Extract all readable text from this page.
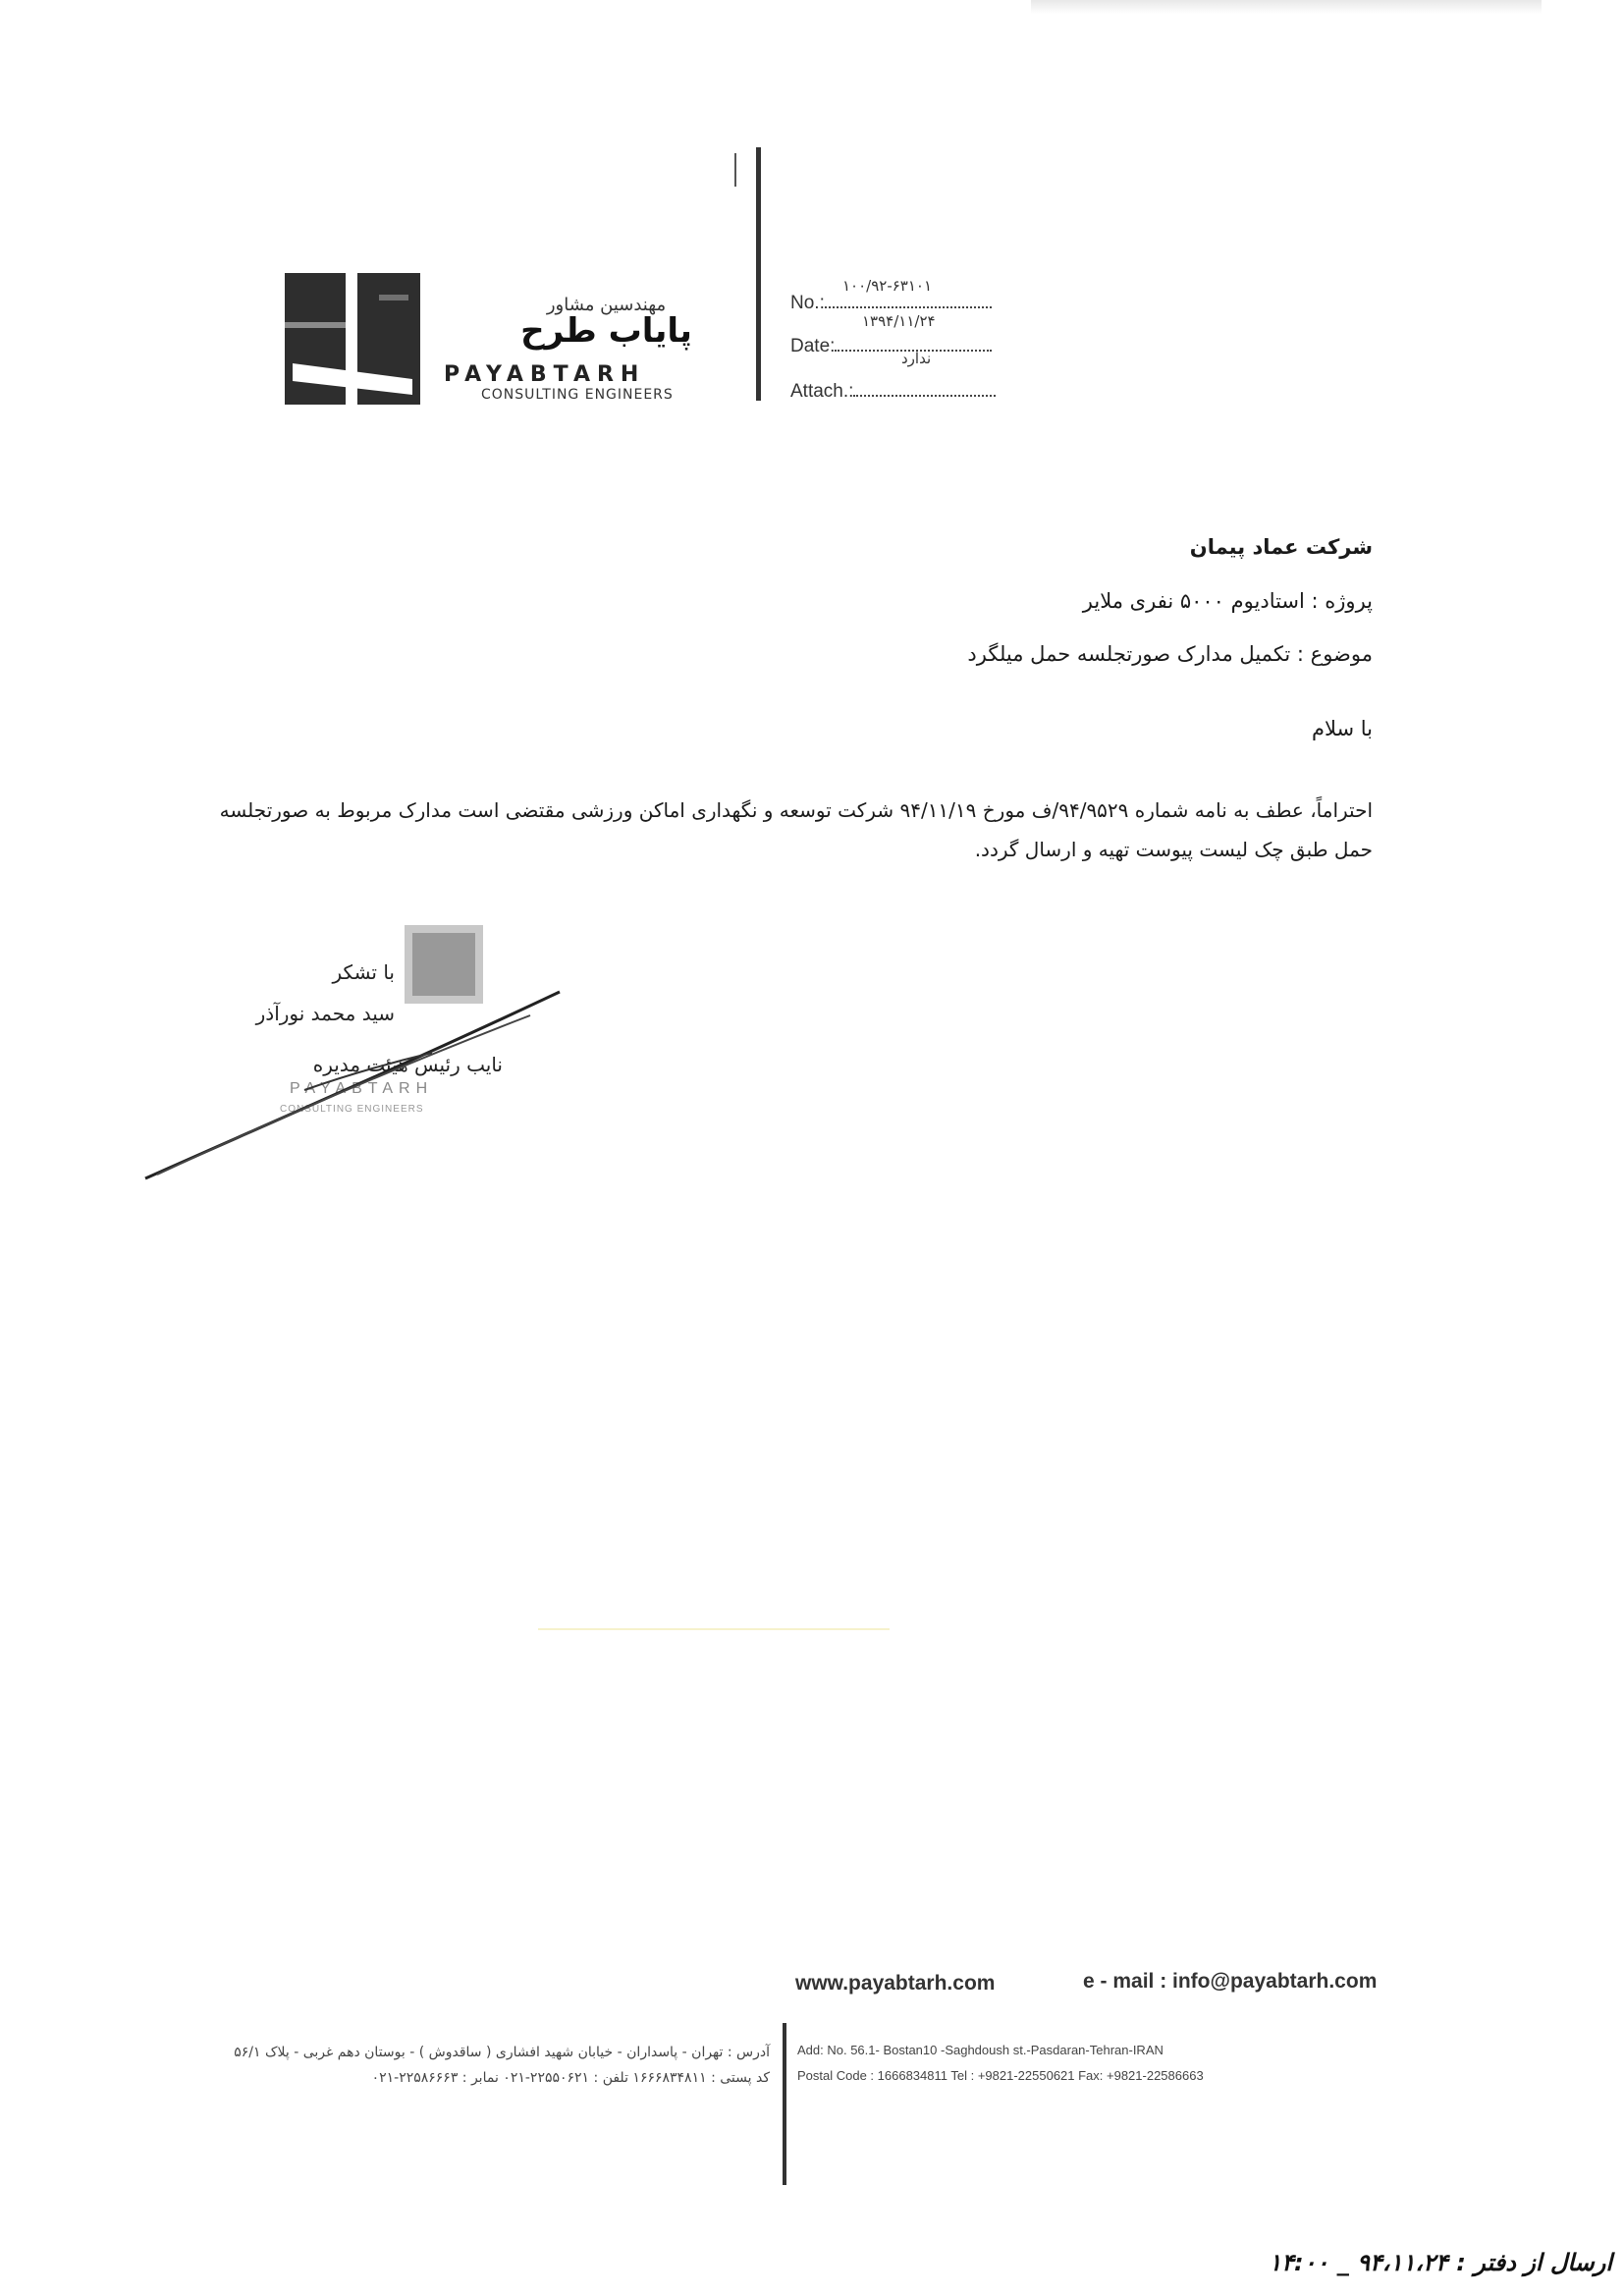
مهندسین مشاور
پایاب طرح
PAYABTARH
CONSULTING ENGINEERS
۱۰۰/۹۲-۶۳۱۰۱
No.:
۱۳۹۴/۱۱/۲۴
Date:
ندارد
Attach.:
شرکت عماد پیمان
پروژه : استادیوم ۵۰۰۰ نفری ملایر
موضوع : تکمیل مدارک صورتجلسه حمل میلگرد
با سلام
احتراماً، عطف به نامه شماره ۹۴/۹۵۲۹/ف مورخ ۹۴/۱۱/۱۹ شرکت توسعه و نگهداری اماکن ورزشی مقتضی است مدارک مربوط به صورتجلسه حمل طبق چک لیست پیوست تهیه و ارسال گردد.
با تشکر
سید محمد نورآذر
نایب رئیس هیئت مدیره
PAYABTARH
CONSULTING ENGINEERS
www.payabtarh.com	e - mail : info@payabtarh.com
آدرس : تهران - پاسداران - خیابان شهید افشاری ( ساقدوش ) - بوستان دهم غربی - پلاک ۵۶/۱
کد پستی : ۱۶۶۶۸۳۴۸۱۱ تلفن : ۲۲۵۵۰۶۲۱-۰۲۱ نمابر : ۲۲۵۸۶۶۶۳-۰۲۱
Add: No. 56.1- Bostan10 -Saghdoush st.-Pasdaran-Tehran-IRAN
Postal Code : 1666834811 Tel : +9821-22550621 Fax: +9821-22586663
ارسال از دفتر : ۹۴،۱۱،۲۴ _ ۱۴:۰۰
